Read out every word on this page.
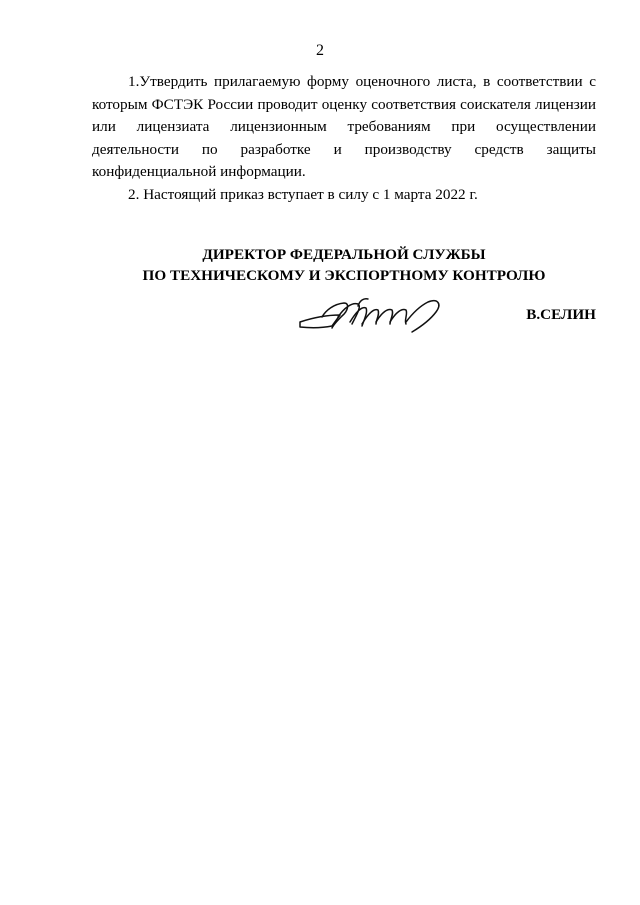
2

1.Утвердить прилагаемую форму оценочного листа, в соответствии с которым ФСТЭК России проводит оценку соответствия соискателя лицензии или лицензиата лицензионным требованиям при осуществлении деятельности по разработке и производству средств защиты конфиденциальной информации.

2. Настоящий приказ вступает в силу с 1 марта 2022 г.

ДИРЕКТОР ФЕДЕРАЛЬНОЙ СЛУЖБЫ
ПО ТЕХНИЧЕСКОМУ И ЭКСПОРТНОМУ КОНТРОЛЮ
В.СЕЛИН
